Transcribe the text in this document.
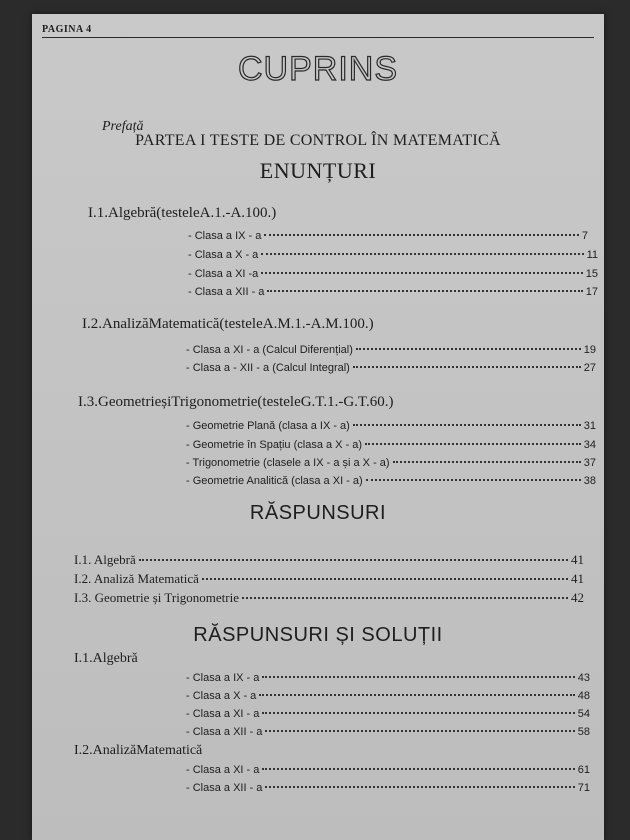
PAGINA 4
CUPRINS
Prefață
PARTEA I TESTE DE CONTROL ÎN MATEMATICĂ
ENUNȚURI
I.1.Algebră(testeleA.1.-A.100.)
- Clasa a IX - a	7
- Clasa a X - a	11
- Clasa a XI -a	15
- Clasa a XII - a	17
I.2.AnalizăMatematică(testeleA.M.1.-A.M.100.)
- Clasa a XI - a (Calcul Diferențial)	19
- Clasa a - XII - a (Calcul Integral)	27
I.3.GeometrieșiTrigonometrie(testeleG.T.1.-G.T.60.)
- Geometrie Plană (clasa a IX - a)	31
- Geometrie în Spațiu (clasa a X - a)	34
- Trigonometrie (clasele a IX - a și a X - a)	37
- Geometrie Analitică (clasa a XI - a)	38
RĂSPUNSURI
I.1. Algebră	41
I.2. Analiză Matematică	41
I.3. Geometrie și Trigonometrie	42
RĂSPUNSURI ȘI SOLUȚII
I.1.Algebră
- Clasa a IX - a	43
- Clasa a X - a	48
- Clasa a XI - a	54
- Clasa a XII - a	58
I.2.AnalizăMatematică
- Clasa a XI - a	61
- Clasa a XII - a	71
